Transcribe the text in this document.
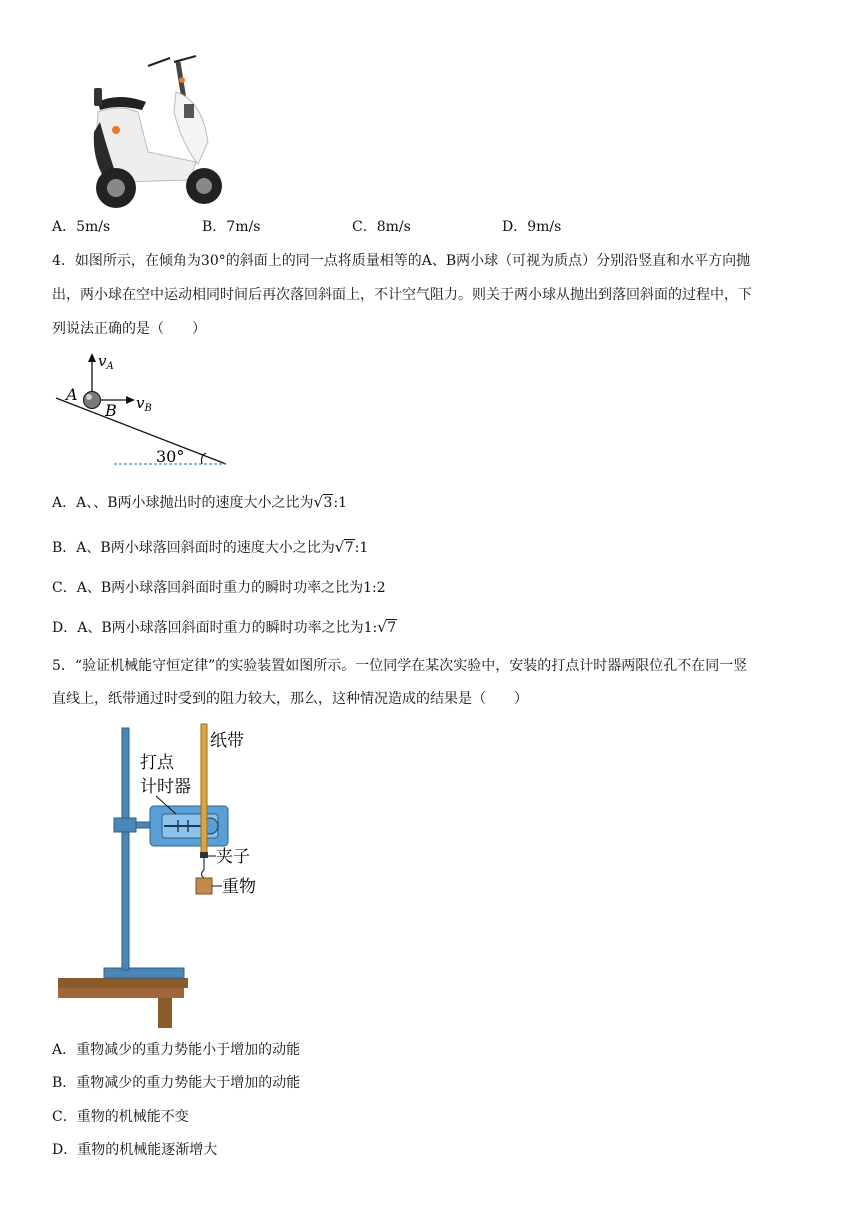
A．5m/s	B．7m/s	C．8m/s	D．9m/s
4．如图所示，在倾角为30°的斜面上的同一点将质量相等的A、B两小球（可视为质点）分别沿竖直和水平方向抛
出，两小球在空中运动相同时间后再次落回斜面上，不计空气阻力。则关于两小球从抛出到落回斜面的过程中，下
列说法正确的是（　　）
30°
$v_A$
$v_B$
A
B
A．A、、B两小球抛出时的速度大小之比为 √ 3:1
B．A、B两小球落回斜面时的速度大小之比为 √ 7:1
C．A、B两小球落回斜面时重力的瞬时功率之比为1:2
D．A、B两小球落回斜面时重力的瞬时功率之比为1: √ 7
5．“验证机械能守恒定律”的实验装置如图所示。一位同学在某次实验中，安装的打点计时器两限位孔不在同一竖
直线上，纸带通过时受到的阻力较大，那么，这种情况造成的结果是（　　）
纸带
打点
计时器
夹子
重物
A．重物减少的重力势能小于增加的动能
B．重物减少的重力势能大于增加的动能
C．重物的机械能不变
D．重物的机械能逐渐增大
